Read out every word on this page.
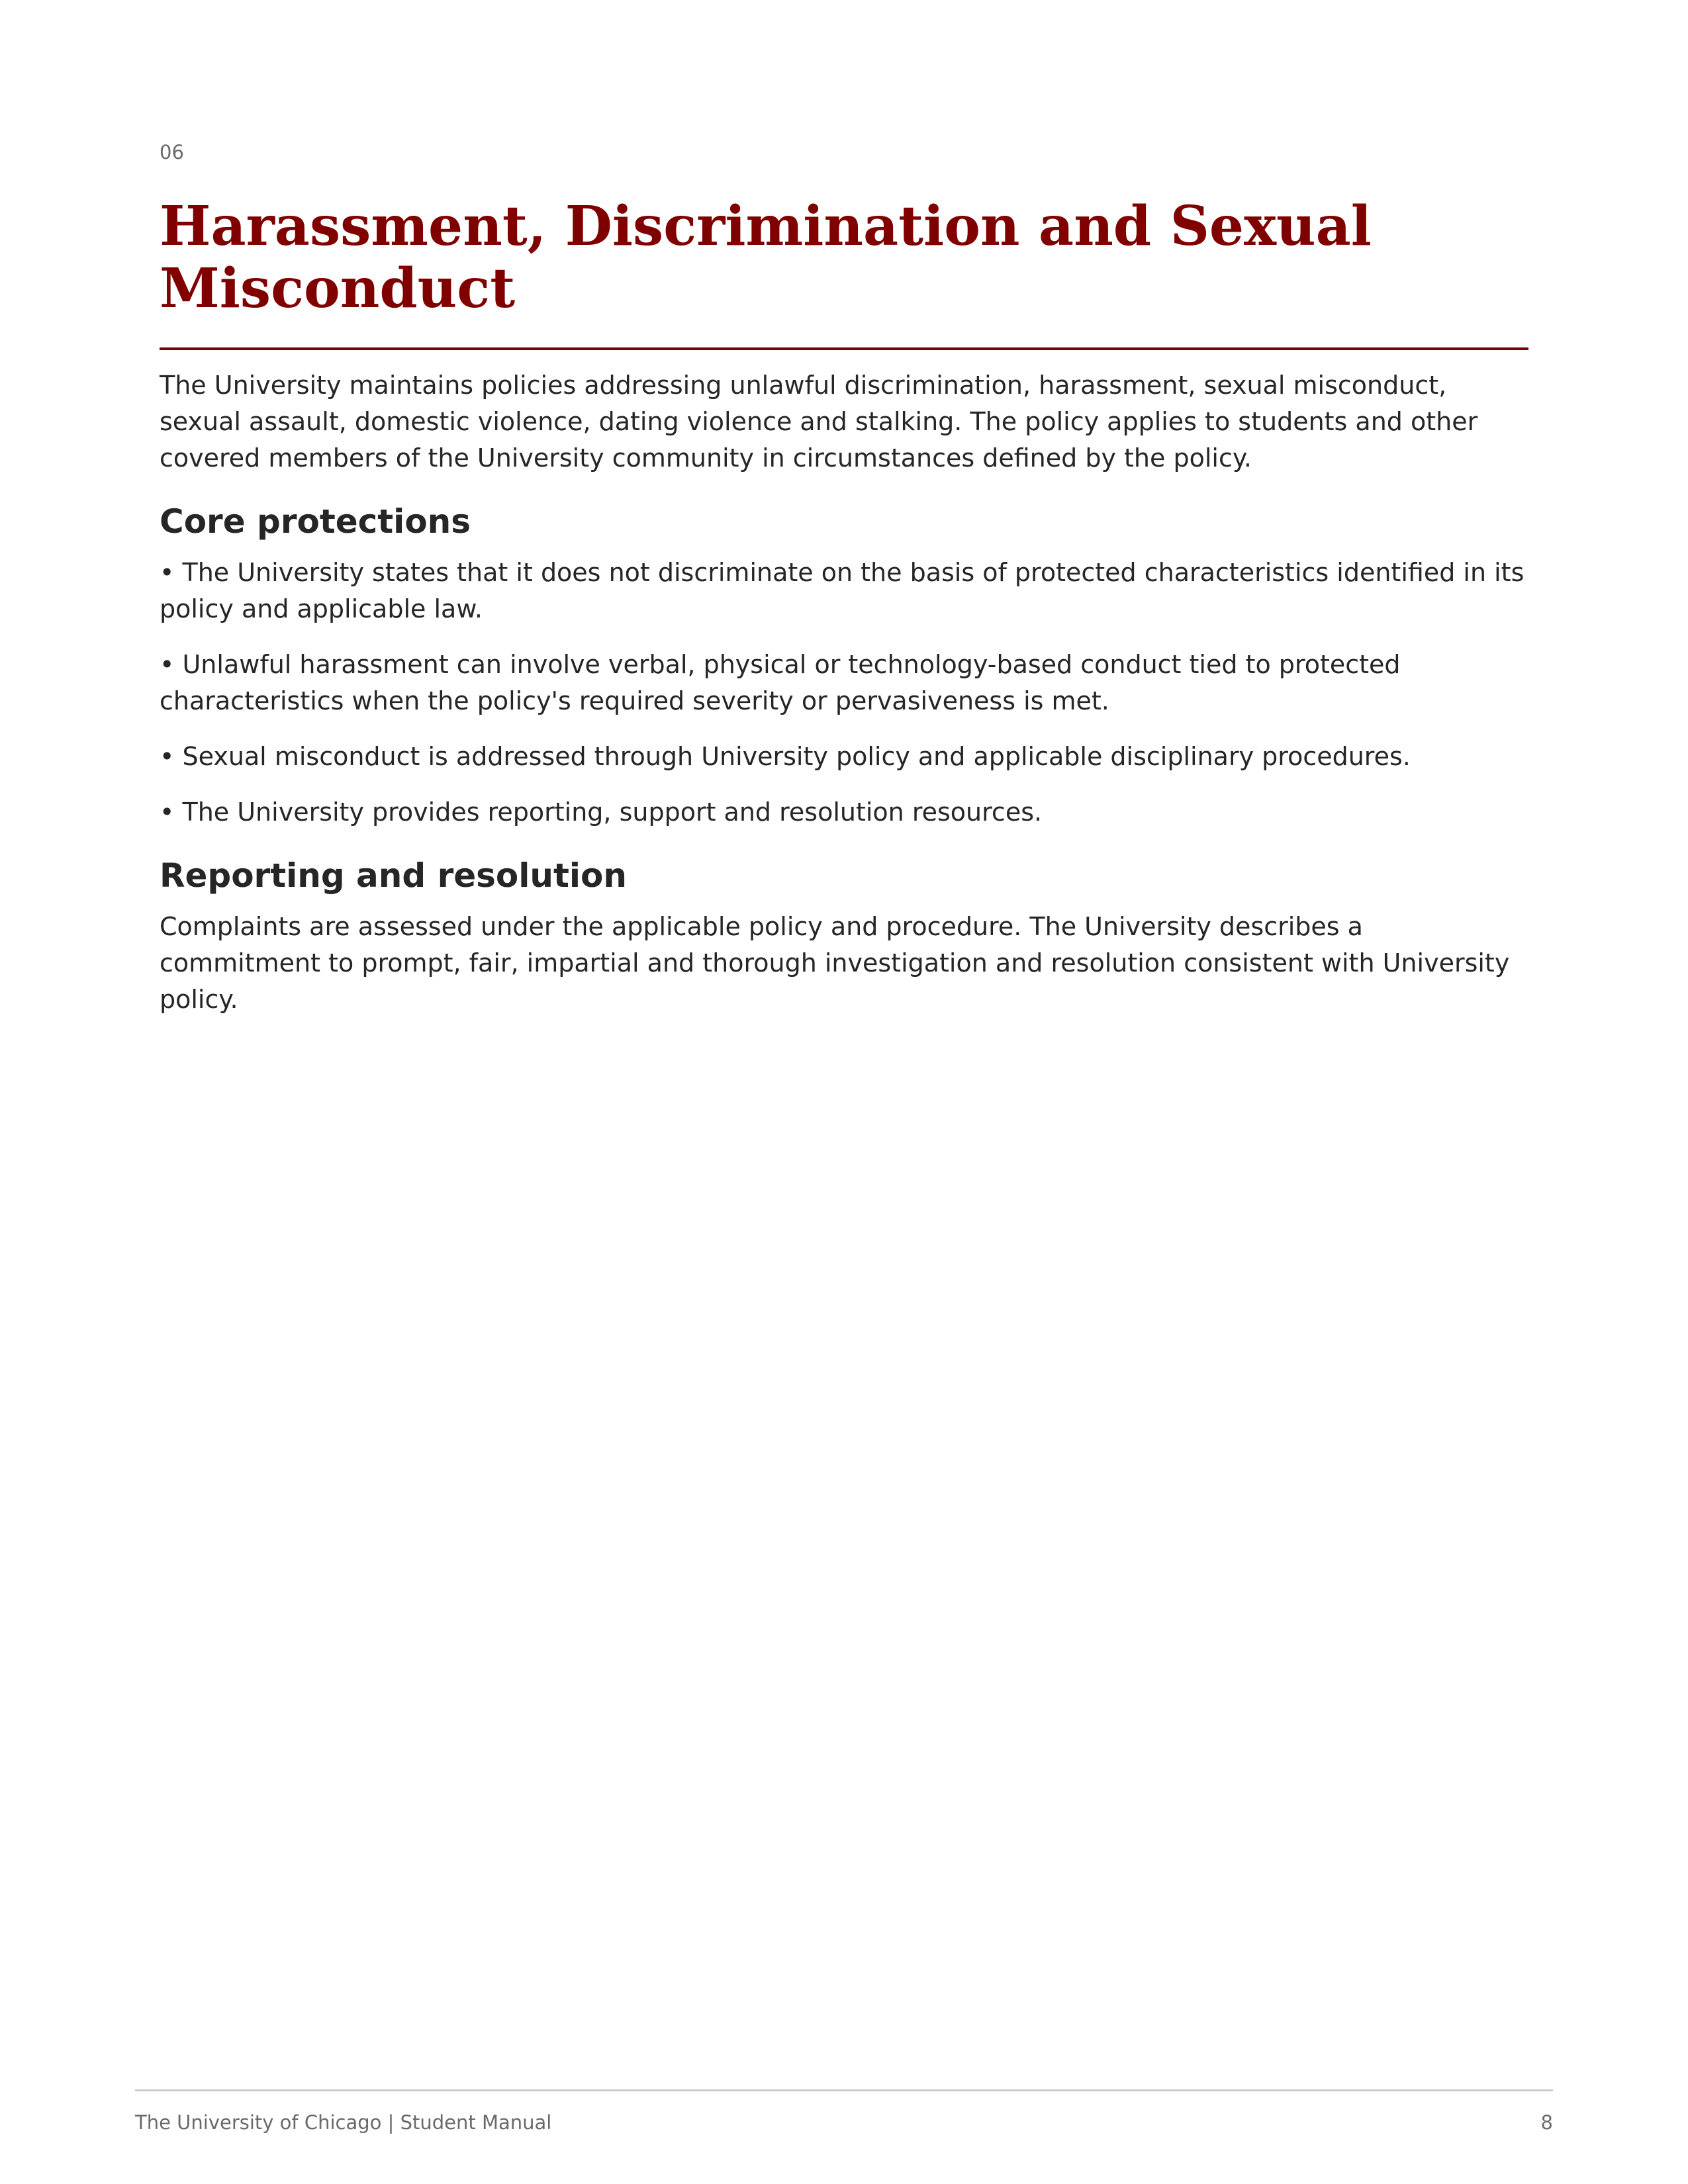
06
Harassment, Discrimination and Sexual Misconduct

The University maintains policies addressing unlawful discrimination, harassment, sexual misconduct, sexual assault, domestic violence, dating violence and stalking. The policy applies to students and other covered members of the University community in circumstances defined by the policy.

Core protections
• The University states that it does not discriminate on the basis of protected characteristics identified in its policy and applicable law.
• Unlawful harassment can involve verbal, physical or technology-based conduct tied to protected characteristics when the policy's required severity or pervasiveness is met.
• Sexual misconduct is addressed through University policy and applicable disciplinary procedures.
• The University provides reporting, support and resolution resources.
Reporting and resolution

Complaints are assessed under the applicable policy and procedure. The University describes a commitment to prompt, fair, impartial and thorough investigation and resolution consistent with University policy.

The University of Chicago | Student Manual	8
